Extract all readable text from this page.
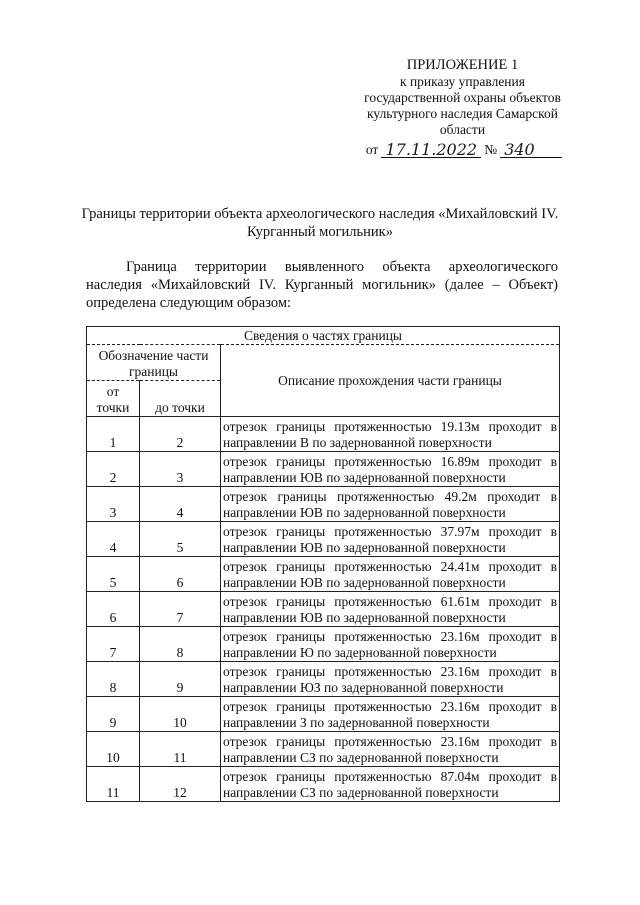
ПРИЛОЖЕНИЕ 1
к приказу управления
государственной охраны объектов
культурного наследия Самарской
области
от 17.11.2022 № 340
Границы территории объекта археологического наследия «Михайловский IV. Курганный могильник»
Граница территории выявленного объекта археологического наследия «Михайловский IV. Курганный могильник» (далее – Объект) определена следующим образом:
Сведения о частях границы		
Обозначение части границы		Описание прохождения части границы
от точки	до точки	
1	2	отрезок границы протяженностью 19.13м проходит в направлении В по задернованной поверхности
2	3	отрезок границы протяженностью 16.89м проходит в направлении ЮВ по задернованной поверхности
3	4	отрезок границы протяженностью 49.2м проходит в направлении ЮВ по задернованной поверхности
4	5	отрезок границы протяженностью 37.97м проходит в направлении ЮВ по задернованной поверхности
5	6	отрезок границы протяженностью 24.41м проходит в направлении ЮВ по задернованной поверхности
6	7	отрезок границы протяженностью 61.61м проходит в направлении ЮВ по задернованной поверхности
7	8	отрезок границы протяженностью 23.16м проходит в направлении Ю по задернованной поверхности
8	9	отрезок границы протяженностью 23.16м проходит в направлении ЮЗ по задернованной поверхности
9	10	отрезок границы протяженностью 23.16м проходит в направлении З по задернованной поверхности
10	11	отрезок границы протяженностью 23.16м проходит в направлении СЗ по задернованной поверхности
11	12	отрезок границы протяженностью 87.04м проходит в направлении СЗ по задернованной поверхности
